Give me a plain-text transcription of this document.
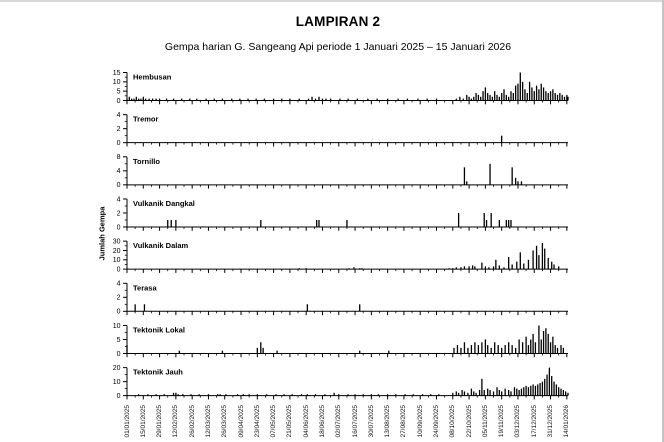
LAMPIRAN 2
Gempa harian G. Sangeang Api periode 1 Januari 2025 – 15 Januari 2026
Jumlah Gempa
0
5
10
15 Hembusan
0
2
4 Tremor
0
4
8 Tornillo
0
2
4 Vulkanik Dangkal
0
10
20
30 Vulkanik Dalam
0
2
4 Terasa
0
5
10 Tektonik Lokal
0
10
20 Tektonik Jauh
01/01/2025	15/01/2025	29/01/2025	12/02/2025	26/02/2025	12/03/2025	26/03/2025	09/04/2025	23/04/2025	07/05/2025	21/05/2025	04/06/2025	18/06/2025	02/07/2025	16/07/2025	30/07/2025	13/08/2025	27/08/2025	10/09/2025	24/09/2025	08/10/2025	22/10/2025	05/11/2025	19/11/2025	03/12/2025	17/12/2025	31/12/2025	14/01/2026
